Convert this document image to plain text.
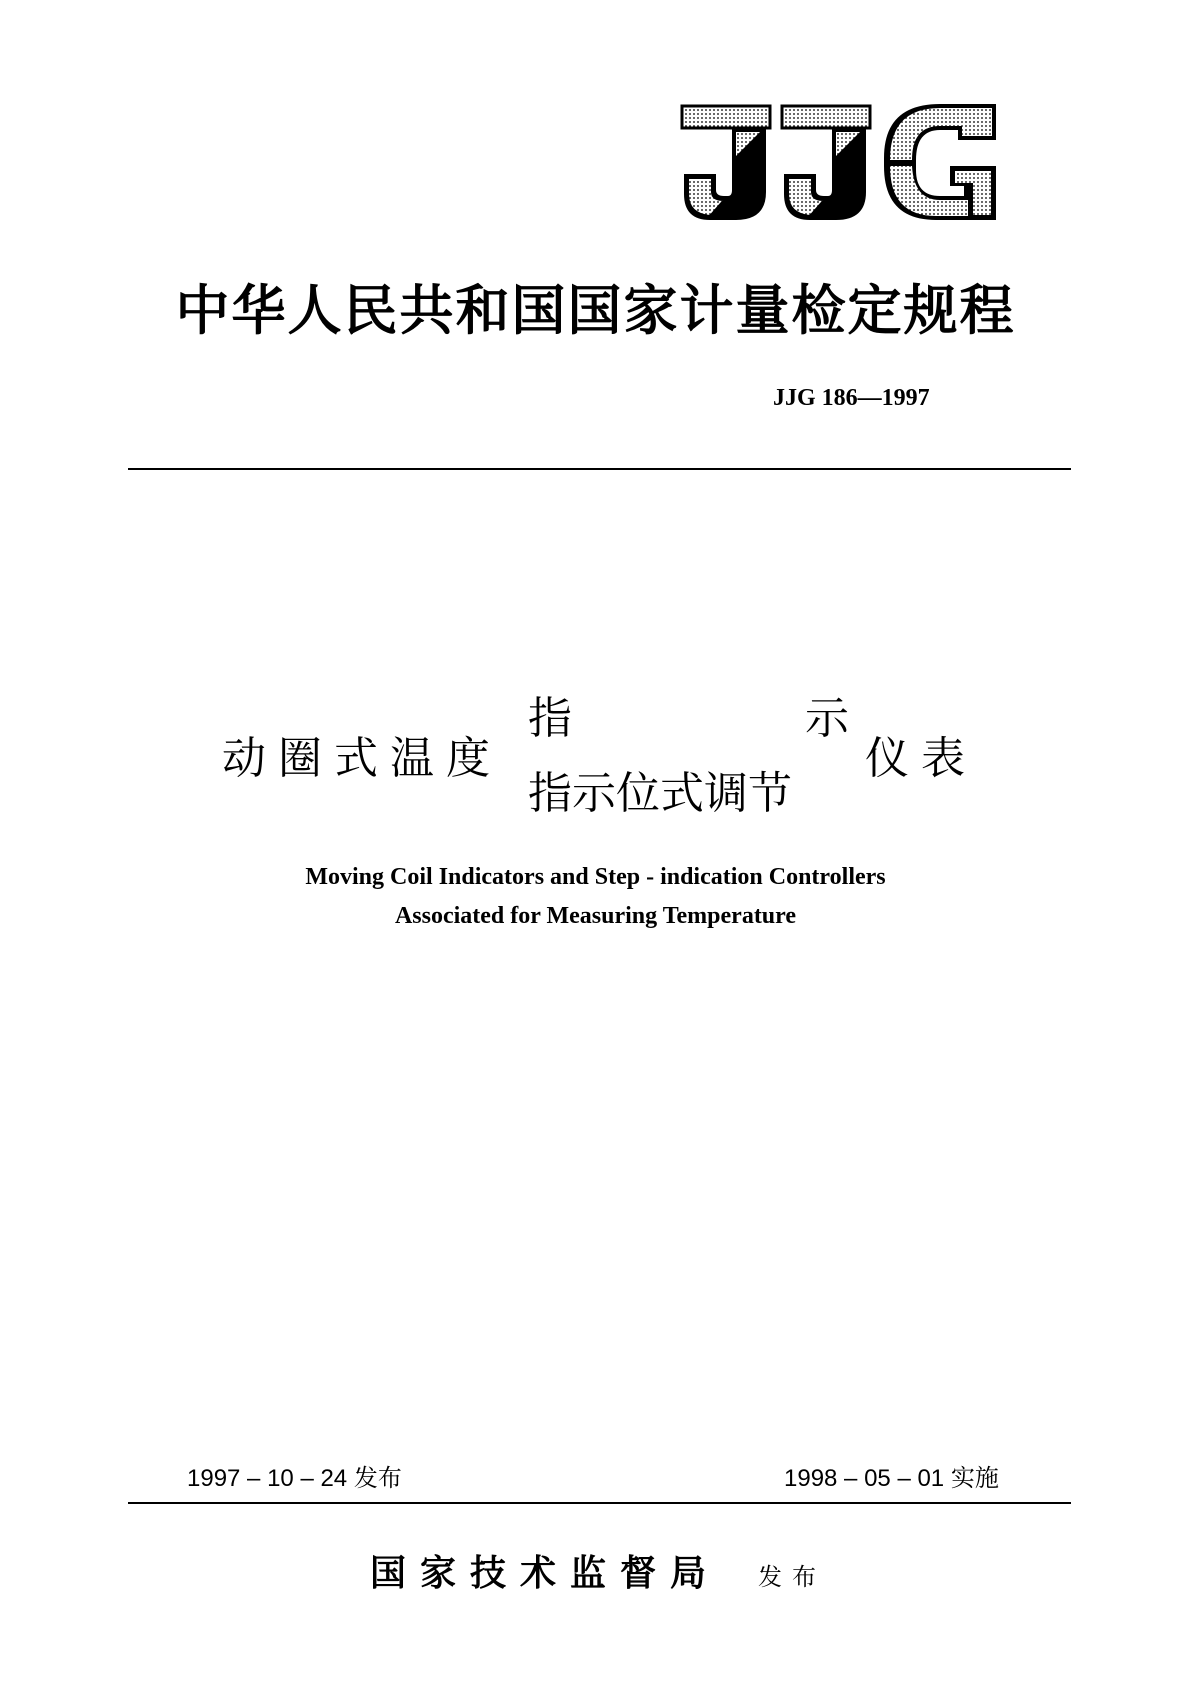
中华人民共和国国家计量检定规程
JJG 186—1997
动圈式温度
指	示
指示位式调节
仪表
Moving Coil Indicators and Step - indication Controllers
Associated for Measuring Temperature
1997 – 10 – 24 发布	1998 – 05 – 01 实施
国家技术监督局 发布
